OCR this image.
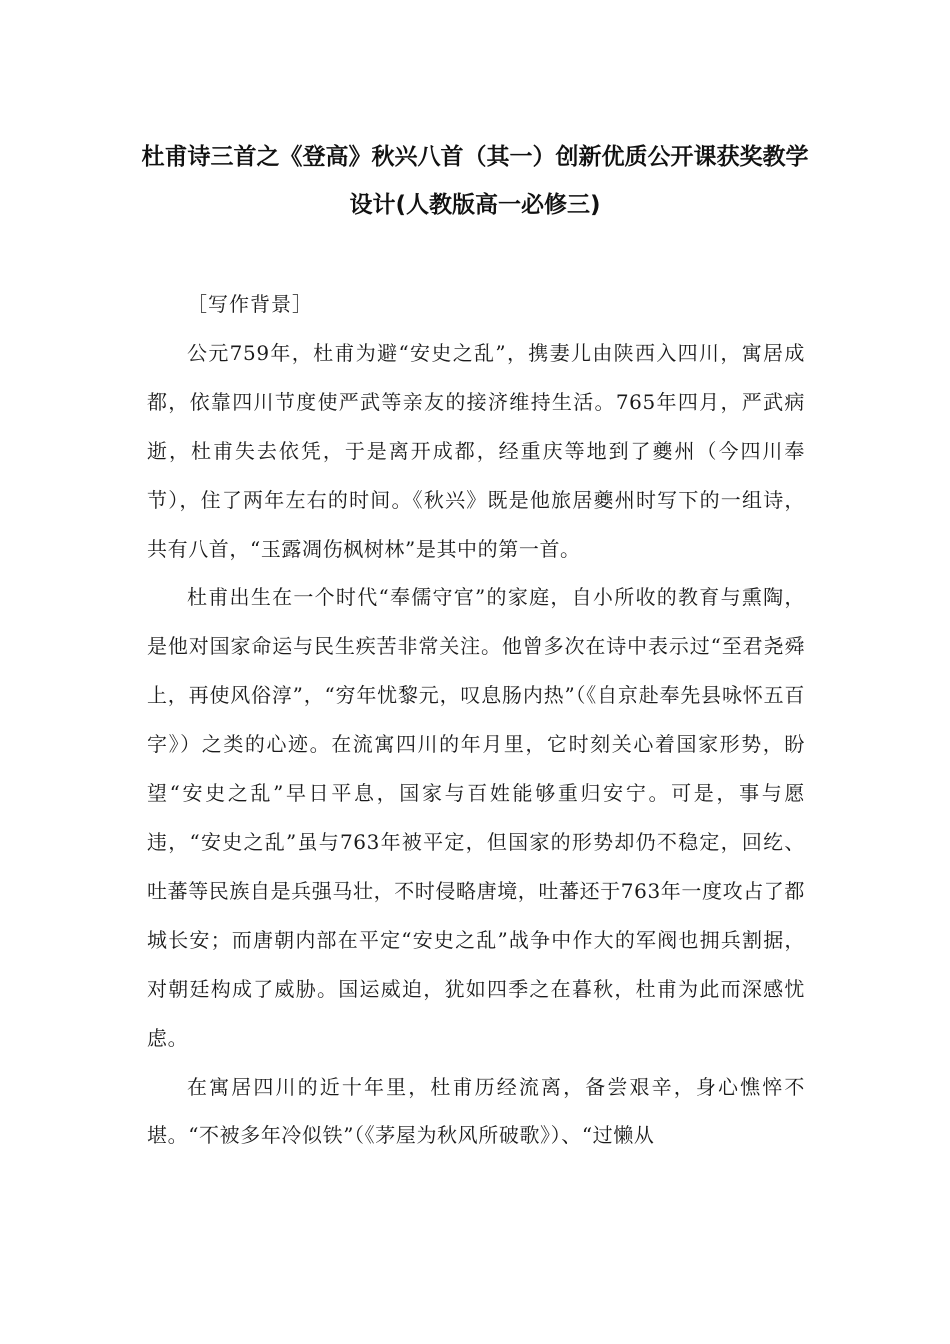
杜甫诗三首之《登高》秋兴八首（其一）创新优质公开课获奖教学
设计(人教版高一必修三)

［写作背景］

公元759年，杜甫为避“安史之乱”，携妻儿由陕西入四川，寓居成都，依靠四川节度使严武等亲友的接济维持生活。765年四月，严武病逝，杜甫失去依凭，于是离开成都，经重庆等地到了夔州（今四川奉节），住了两年左右的时间。《秋兴》既是他旅居夔州时写下的一组诗，共有八首，“玉露凋伤枫树林”是其中的第一首。

杜甫出生在一个时代“奉儒守官”的家庭，自小所收的教育与熏陶，是他对国家命运与民生疾苦非常关注。他曾多次在诗中表示过“至君尧舜上，再使风俗淳”，“穷年忧黎元，叹息肠内热”（《自京赴奉先县咏怀五百字》）之类的心迹。在流寓四川的年月里，它时刻关心着国家形势，盼望“安史之乱”早日平息，国家与百姓能够重归安宁。可是，事与愿违，“安史之乱”虽与763年被平定，但国家的形势却仍不稳定，回纥、吐蕃等民族自是兵强马壮，不时侵略唐境，吐蕃还于763年一度攻占了都城长安；而唐朝内部在平定“安史之乱”战争中作大的军阀也拥兵割据，对朝廷构成了威胁。国运威迫，犹如四季之在暮秋，杜甫为此而深感忧虑。

在寓居四川的近十年里，杜甫历经流离，备尝艰辛，身心憔悴不堪。“不被多年冷似铁”（《茅屋为秋风所破歌》）、“过懒从
